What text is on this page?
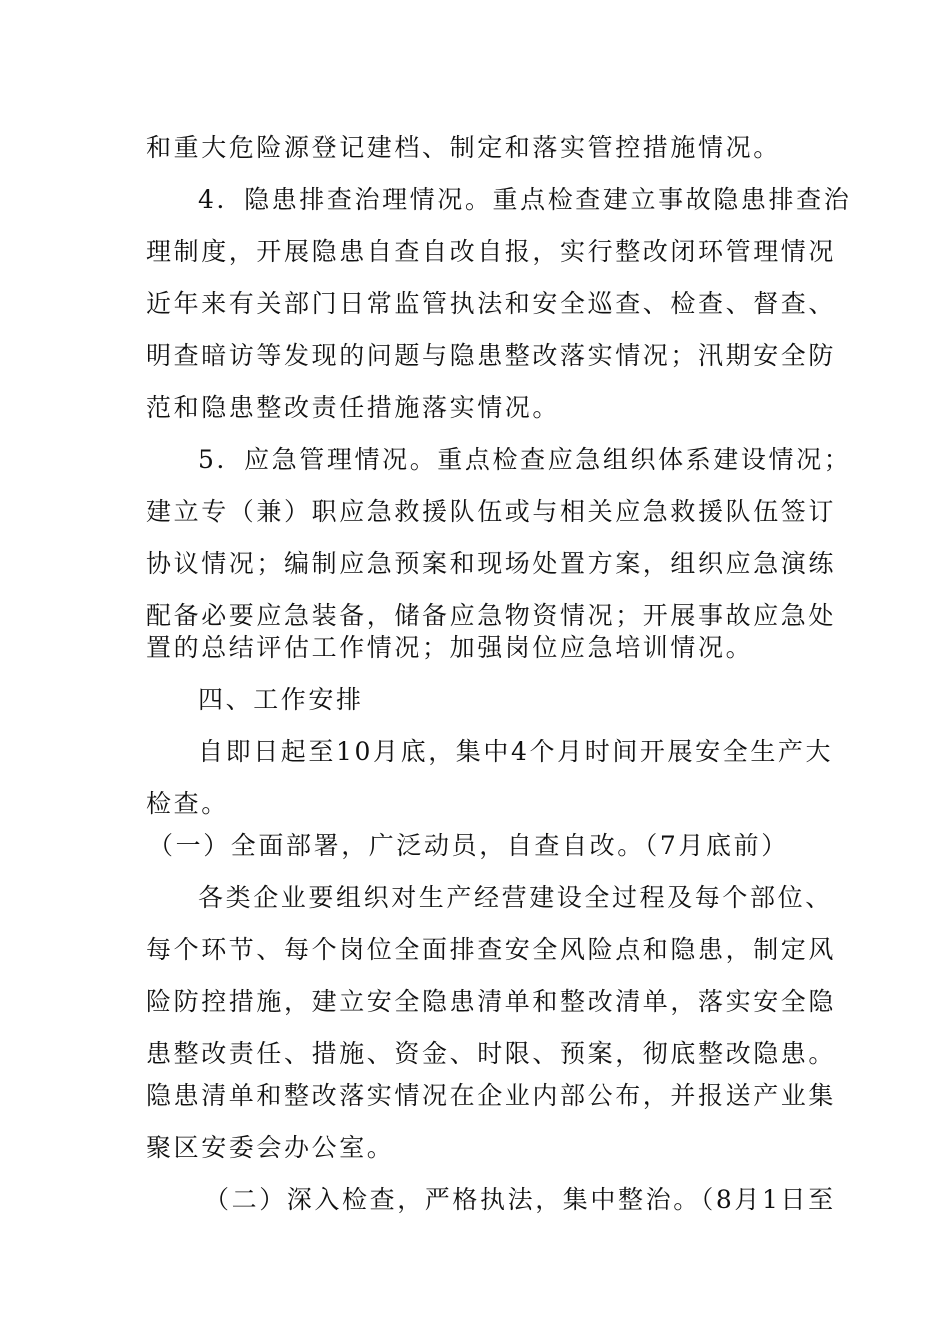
和重大危险源登记建档、制定和落实管控措施情况。

4．隐患排查治理情况。重点检查建立事故隐患排查治

理制度，开展隐患自查自改自报，实行整改闭环管理情况

近年来有关部门日常监管执法和安全巡查、检查、督查、

明查暗访等发现的问题与隐患整改落实情况；汛期安全防

范和隐患整改责任措施落实情况。

5．应急管理情况。重点检查应急组织体系建设情况；

建立专（兼）职应急救援队伍或与相关应急救援队伍签订

协议情况；编制应急预案和现场处置方案，组织应急演练

配备必要应急装备，储备应急物资情况；开展事故应急处

置的总结评估工作情况；加强岗位应急培训情况。

四、工作安排

自即日起至10月底，集中4个月时间开展安全生产大

检查。

（一）全面部署，广泛动员，自查自改。（7月底前）

各类企业要组织对生产经营建设全过程及每个部位、

每个环节、每个岗位全面排查安全风险点和隐患，制定风

险防控措施，建立安全隐患清单和整改清单，落实安全隐

患整改责任、措施、资金、时限、预案，彻底整改隐患。

隐患清单和整改落实情况在企业内部公布，并报送产业集

聚区安委会办公室。

（二）深入检查，严格执法，集中整治。（8月1日至
